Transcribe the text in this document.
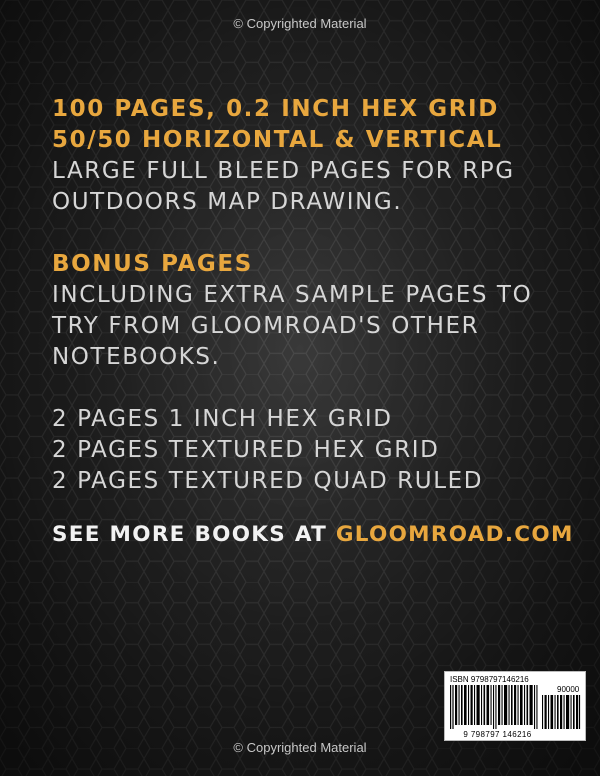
© Copyrighted Material
100 PAGES, 0.2 INCH HEX GRID
50/50 HORIZONTAL & VERTICAL
LARGE FULL BLEED PAGES FOR RPG
OUTDOORS MAP DRAWING.
BONUS PAGES
INCLUDING EXTRA SAMPLE PAGES TO
TRY FROM GLOOMROAD'S OTHER
NOTEBOOKS.
2 PAGES 1 INCH HEX GRID
2 PAGES TEXTURED HEX GRID
2 PAGES TEXTURED QUAD RULED
SEE MORE BOOKS AT GLOOMROAD.COM
ISBN 9798797146216
90000
9 798797 146216
© Copyrighted Material
